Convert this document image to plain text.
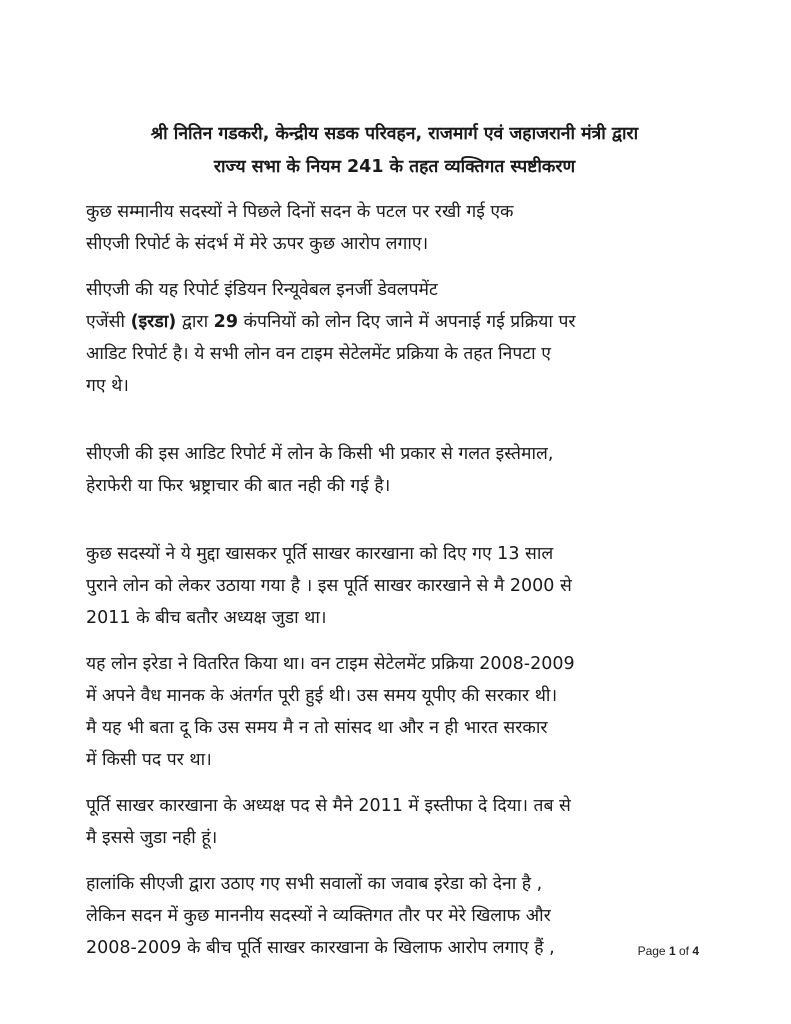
श्री नितिन गडकरी, केन्द्रीय सडक परिवहन, राजमार्ग एवं जहाजरानी मंत्री द्वारा
राज्य सभा के नियम 241 के तहत व्यक्तिगत स्पष्टीकरण

कुछ सम्मानीय सदस्यों ने पिछले दिनों सदन के पटल पर रखी गई एक
सीएजी रिपोर्ट के संदर्भ में मेरे ऊपर कुछ आरोप लगाए।

सीएजी की यह रिपोर्ट इंडियन रिन्यूवेबल इनर्जी डेवलपमेंट
एजेंसी (इरडा) द्वारा 29 कंपनियों को लोन दिए जाने में अपनाई गई प्रक्रिया पर
आडिट रिपोर्ट है। ये सभी लोन वन टाइम सेटेलमेंट प्रक्रिया के तहत निपटा ए
गए थे।

सीएजी की इस आडिट रिपोर्ट में लोन के किसी भी प्रकार से गलत इस्तेमाल,
हेराफेरी या फिर भ्रष्ट्राचार की बात नही की गई है।

कुछ सदस्यों ने ये मुद्दा खासकर पूर्ति साखर कारखाना को दिए गए 13 साल
पुराने लोन को लेकर उठाया गया है । इस पूर्ति साखर कारखाने से मै 2000 से
2011 के बीच बतौर अध्यक्ष जुडा था।

यह लोन इरेडा ने वितरित किया था। वन टाइम सेटेलमेंट प्रक्रिया 2008-2009
में अपने वैध मानक के अंतर्गत पूरी हुई थी। उस समय यूपीए की सरकार थी।
मै यह भी बता दू कि उस समय मै न तो सांसद था और न ही भारत सरकार
में किसी पद पर था।

पूर्ति साखर कारखाना के अध्यक्ष पद से मैने 2011 में इस्तीफा दे दिया। तब से
मै इससे जुडा नही हूं।

हालांकि सीएजी द्वारा उठाए गए सभी सवालों का जवाब इरेडा को देना है ,
लेकिन सदन में कुछ माननीय सदस्यों ने व्यक्तिगत तौर पर मेरे खिलाफ और
2008-2009 के बीच पूर्ति साखर कारखाना के खिलाफ आरोप लगाए हैं ,	Page 1 of 4
